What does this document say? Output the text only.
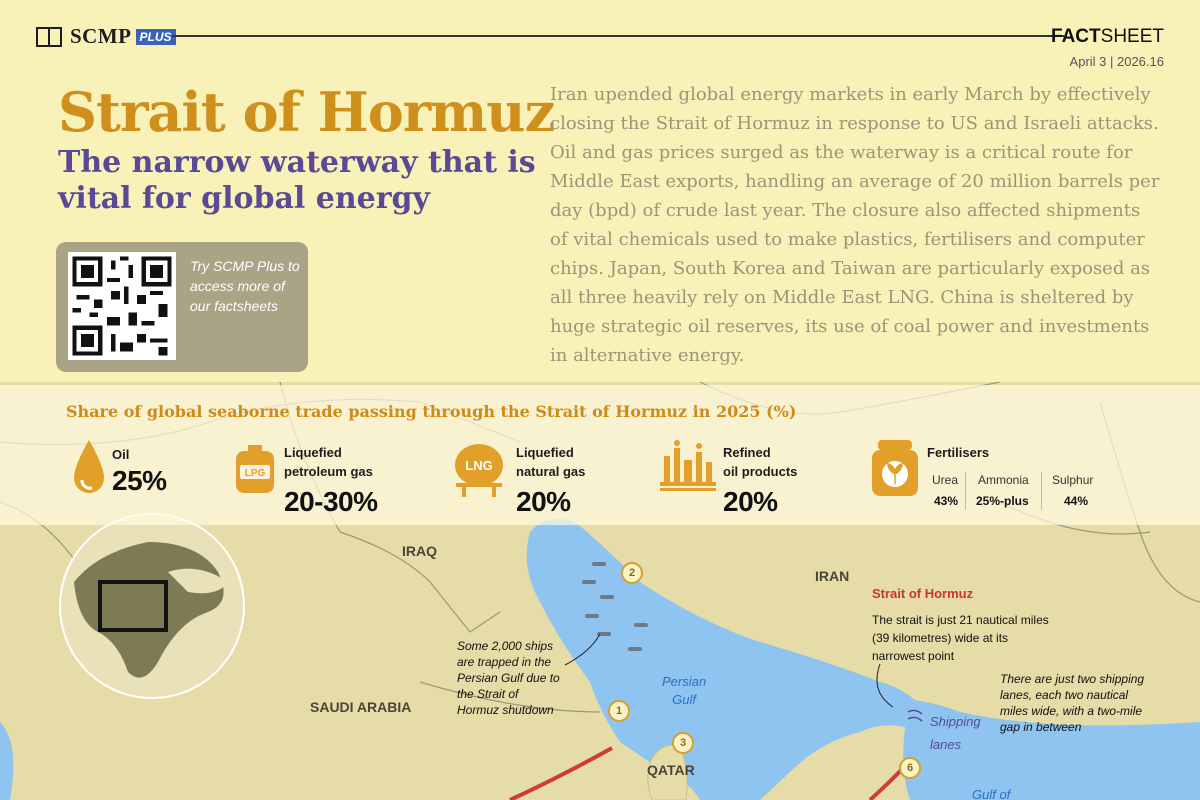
SCMP PLUS	FACTSHEET
April 3 | 2026.16
Strait of Hormuz
The narrow waterway that is vital for global energy
Try SCMP Plus to access more of our factsheets

Iran upended global energy markets in early March by effectively closing the Strait of Hormuz in response to US and Israeli attacks. Oil and gas prices surged as the waterway is a critical route for Middle East exports, handling an average of 20 million barrels per day (bpd) of crude last year. The closure also affected shipments of vital chemicals used to make plastics, fertilisers and computer chips. Japan, South Korea and Taiwan are particularly exposed as all three heavily rely on Middle East LNG. China is sheltered by huge strategic oil reserves, its use of coal power and investments in alternative energy.

Share of global seaborne trade passing through the Strait of Hormuz in 2025 (%)
Oil
25%	LPG
Liquefied
petroleum gas
20-30%
LNG
Liquefied
natural gas
20%
Refined
oil products
20%
Fertilisers
Urea
43%
Ammonia
25%-plus
Sulphur
44%
IRAQ
IRAN
SAUDI ARABIA
QATAR
Persian
Gulf
Gulf of
Some 2,000 ships
are trapped in the
Persian Gulf due to
the Strait of
Hormuz shutdown
Strait of Hormuz
The strait is just 21 nautical miles
(39 kilometres) wide at its
narrowest point
There are just two shipping
lanes, each two nautical
miles wide, with a two-mile
gap in between
Shipping
lanes
2
1
3
6
